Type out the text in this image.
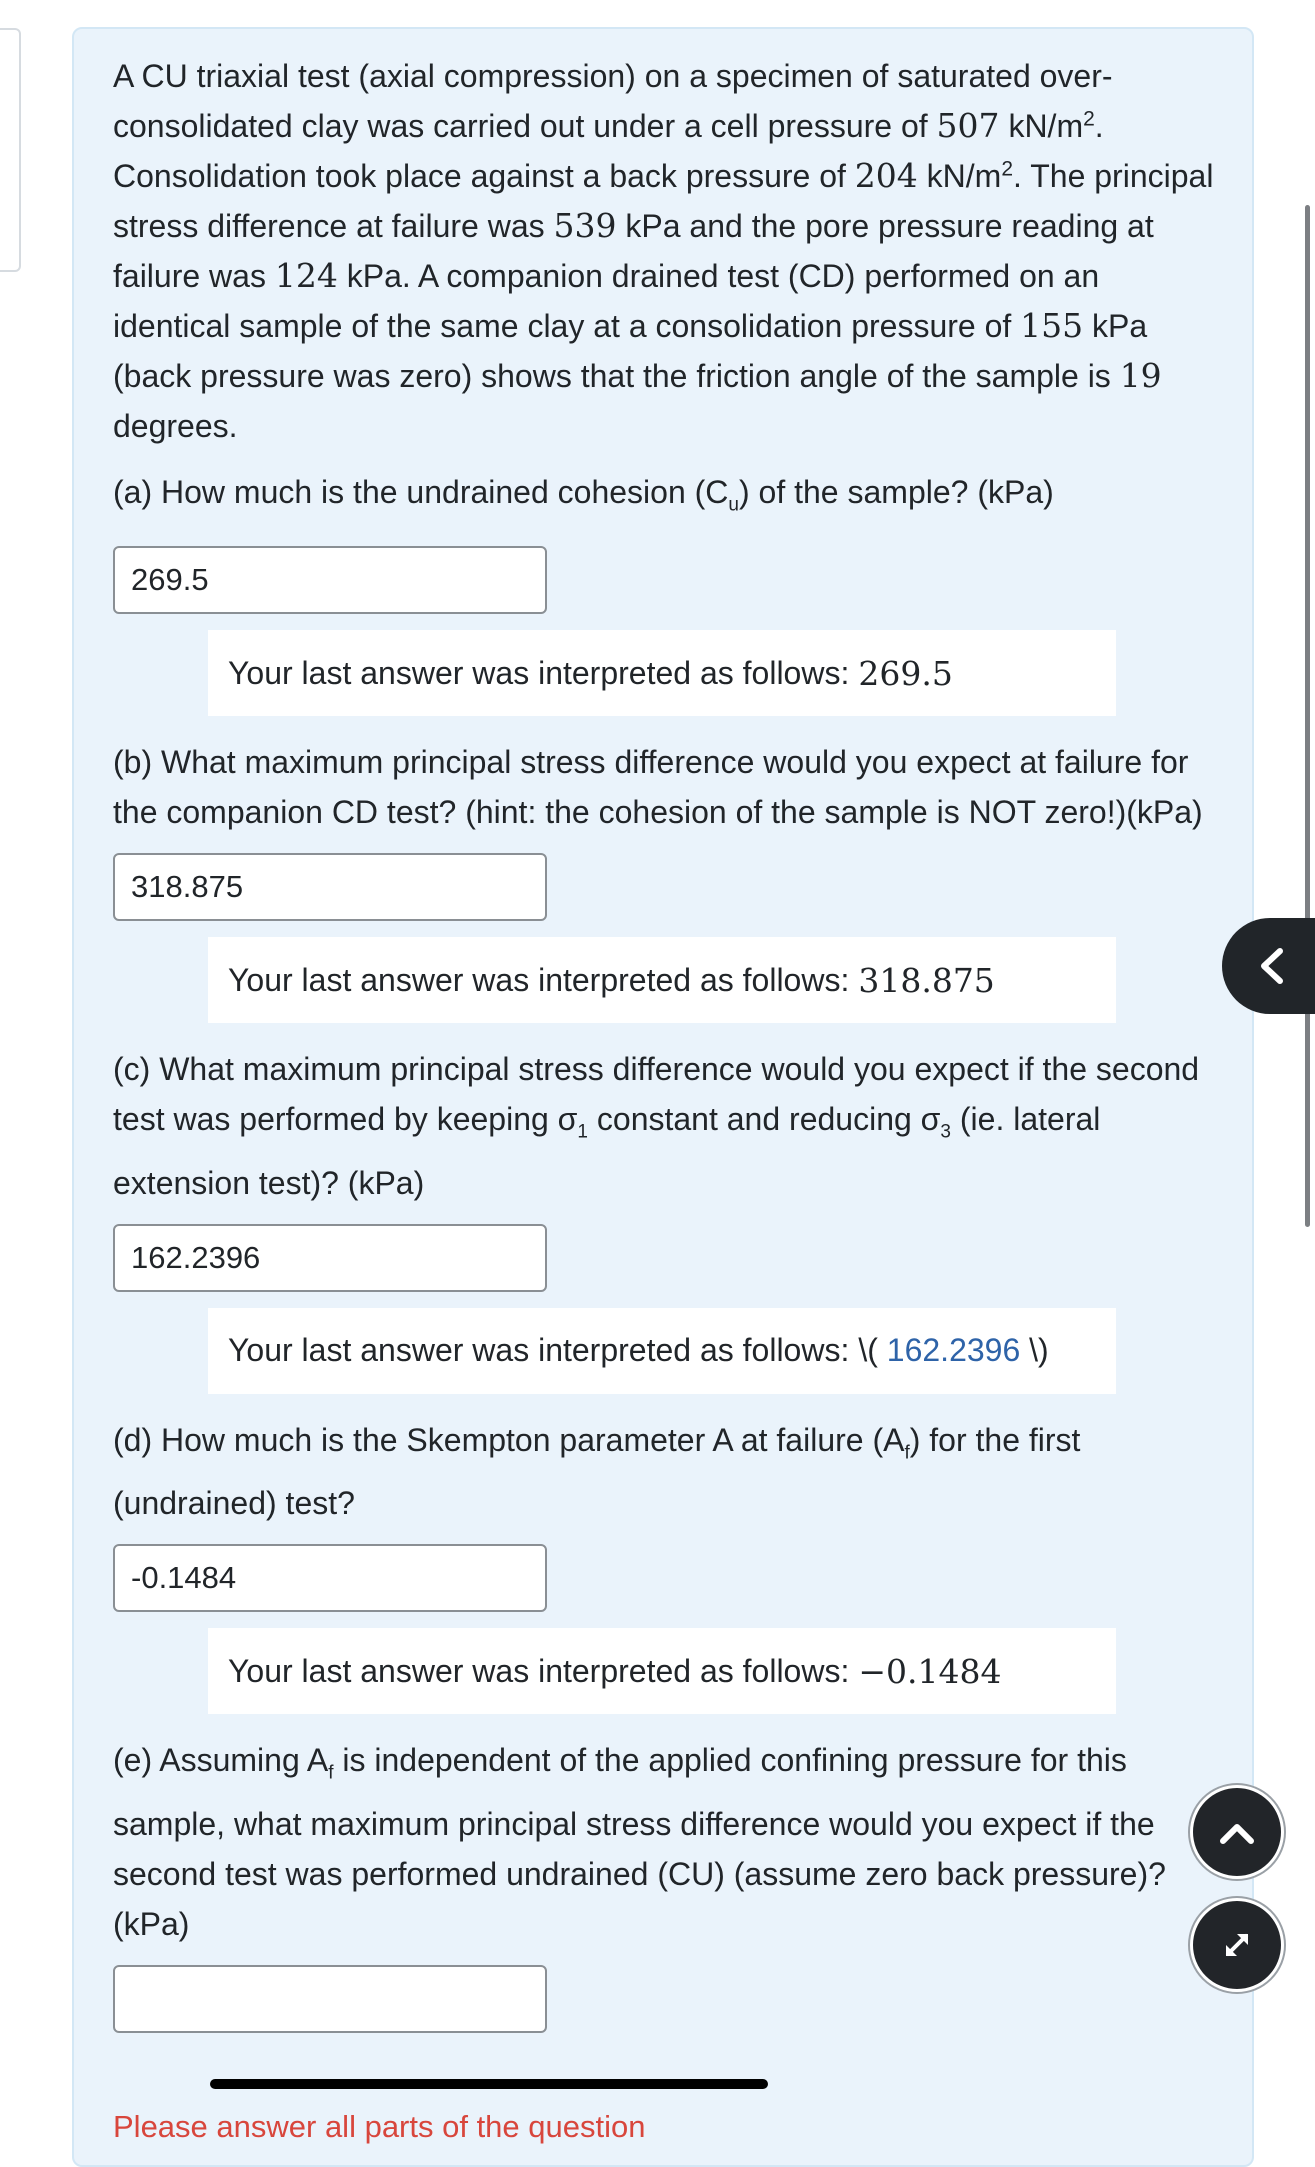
A CU triaxial test (axial compression) on a specimen of saturated over-consolidated clay was carried out under a cell pressure of 507 $kN/m^2$. Consolidation took place against a back pressure of 204 $kN/m^2$. The principal stress difference at failure was 539 kPa and the pore pressure reading at failure was 124 kPa. A companion drained test (CD) performed on an identical sample of the same clay at a consolidation pressure of 155 kPa (back pressure was zero) shows that the friction angle of the sample is 19 degrees.

(a) How much is the undrained cohesion $(C_u)$ of the sample? (kPa)

269.5
Your last answer was interpreted as follows: 269.5

(b) What maximum principal stress difference would you expect at failure for the companion CD test? (hint: the cohesion of the sample is NOT zero!)(kPa)

318.875
Your last answer was interpreted as follows: 318.875

(c) What maximum principal stress difference would you expect if the second test was performed by keeping $\sigma_1$ constant and reducing $\sigma_3$ (ie. lateral extension test)? (kPa)

162.2396
Your last answer was interpreted as follows: \( 162.2396 \)

(d) How much is the Skempton parameter A at failure $(A_f)$ for the first (undrained) test?

-0.1484
Your last answer was interpreted as follows: −0.1484

(e) Assuming $A_f$ is independent of the applied confining pressure for this sample, what maximum principal stress difference would you expect if the second test was performed undrained (CU) (assume zero back pressure)? (kPa)

Please answer all parts of the question
